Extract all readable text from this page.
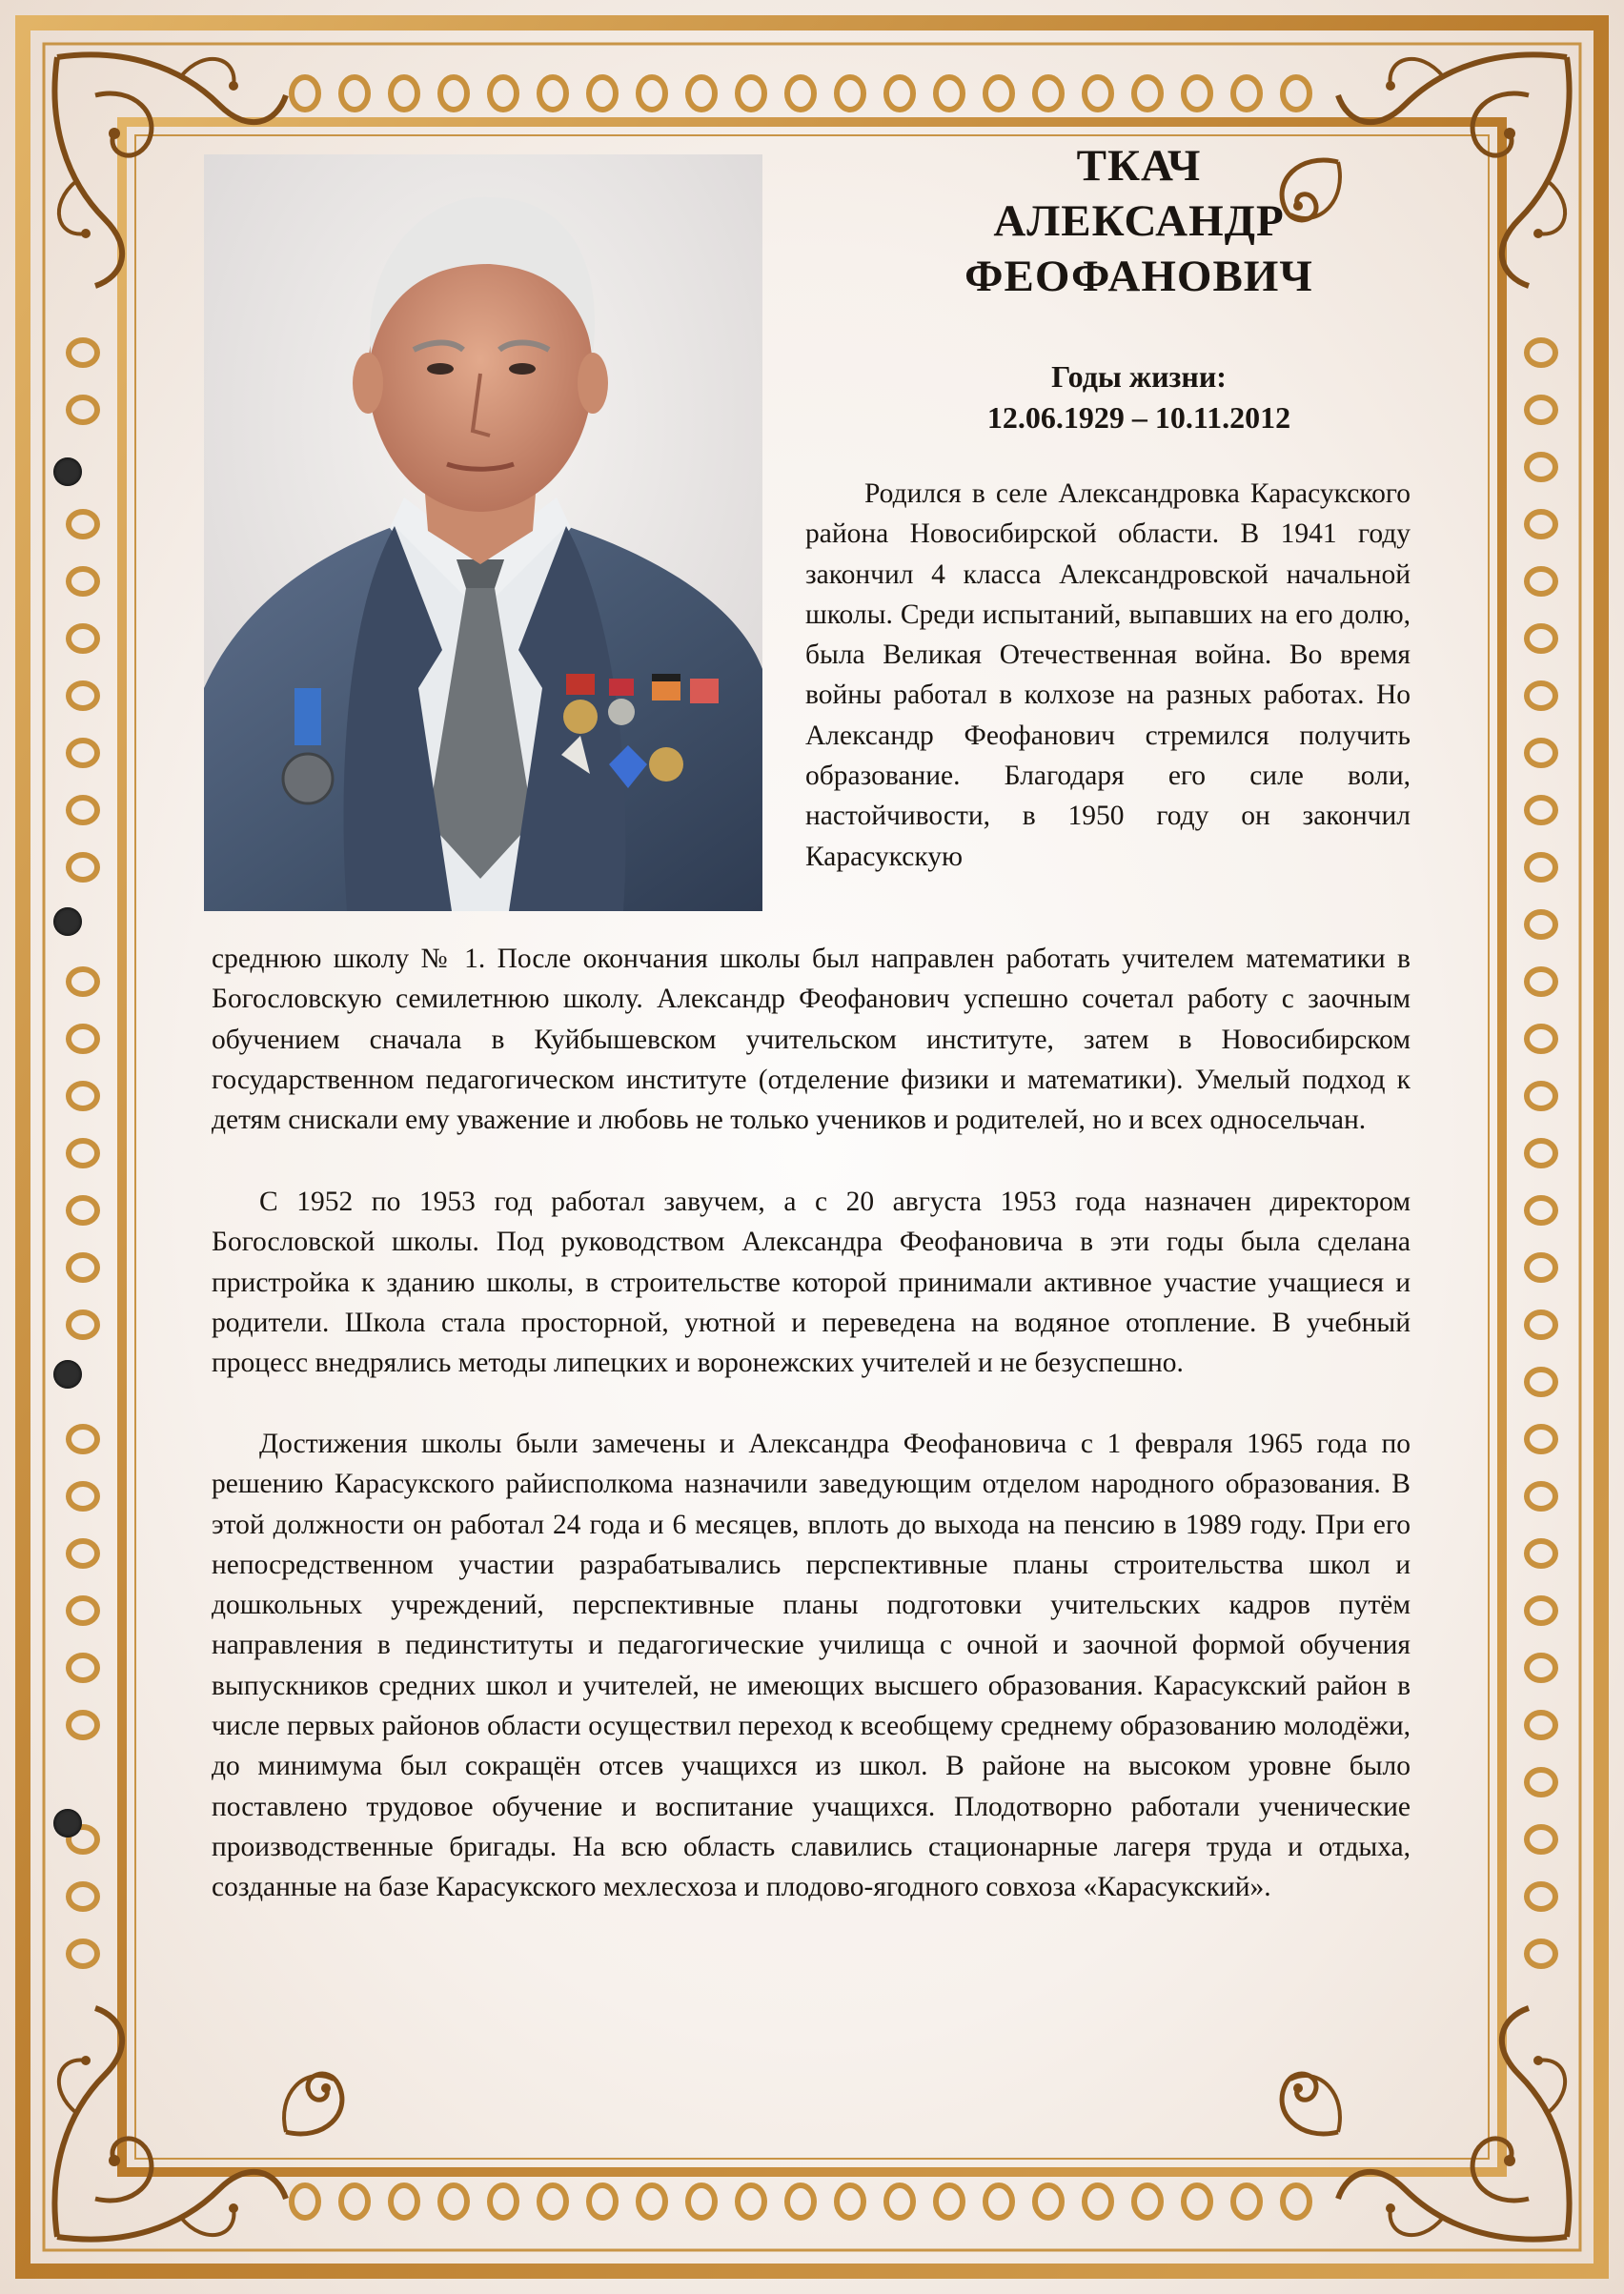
ТКАЧ
АЛЕКСАНДР
ФЕОФАНОВИЧ
Годы жизни:
12.06.1929 – 10.11.2012
Родился в селе Александровка Карасукского района Новосибирской области. В 1941 году закончил 4 класса Александровской начальной школы. Среди испытаний, выпавших на его долю, была Великая Отечественная война. Во время войны работал в колхозе на разных работах. Но Александр Феофанович стремился получить образование. Благодаря его силе воли, настойчивости, в 1950 году он закончил Карасукскую
среднюю школу № 1. После окончания школы был направлен работать учителем математики в Богословскую семилетнюю школу. Александр Феофанович успешно сочетал работу с заочным обучением сначала в Куйбышевском учительском институте, затем в Новосибирском государственном педагогическом институте (отделение физики и математики). Умелый подход к детям снискали ему уважение и любовь не только учеников и родителей, но и всех односельчан.
С 1952 по 1953 год работал завучем, а с 20 августа 1953 года назначен директором Богословской школы. Под руководством Александра Феофановича в эти годы была сделана пристройка к зданию школы, в строительстве которой принимали активное участие учащиеся и родители. Школа стала просторной, уютной и переведена на водяное отопление. В учебный процесс внедрялись методы липецких и воронежских учителей и не безуспешно.
Достижения школы были замечены и Александра Феофановича с 1 февраля 1965 года по решению Карасукского райисполкома назначили заведующим отделом народного образования. В этой должности он работал 24 года и 6 месяцев, вплоть до выхода на пенсию в 1989 году. При его непосредственном участии разрабатывались перспективные планы строительства школ и дошкольных учреждений, перспективные планы подготовки учительских кадров путём направления в пединституты и педагогические училища с очной и заочной формой обучения выпускников средних школ и учителей, не имеющих высшего образования. Карасукский район в числе первых районов области осуществил переход к всеобщему среднему образованию молодёжи, до минимума был сокращён отсев учащихся из школ. В районе на высоком уровне было поставлено трудовое обучение и воспитание учащихся. Плодотворно работали ученические производственные бригады. На всю область славились стационарные лагеря труда и отдыха, созданные на базе Карасукского мехлесхоза и плодово-ягодного совхоза «Карасукский».
